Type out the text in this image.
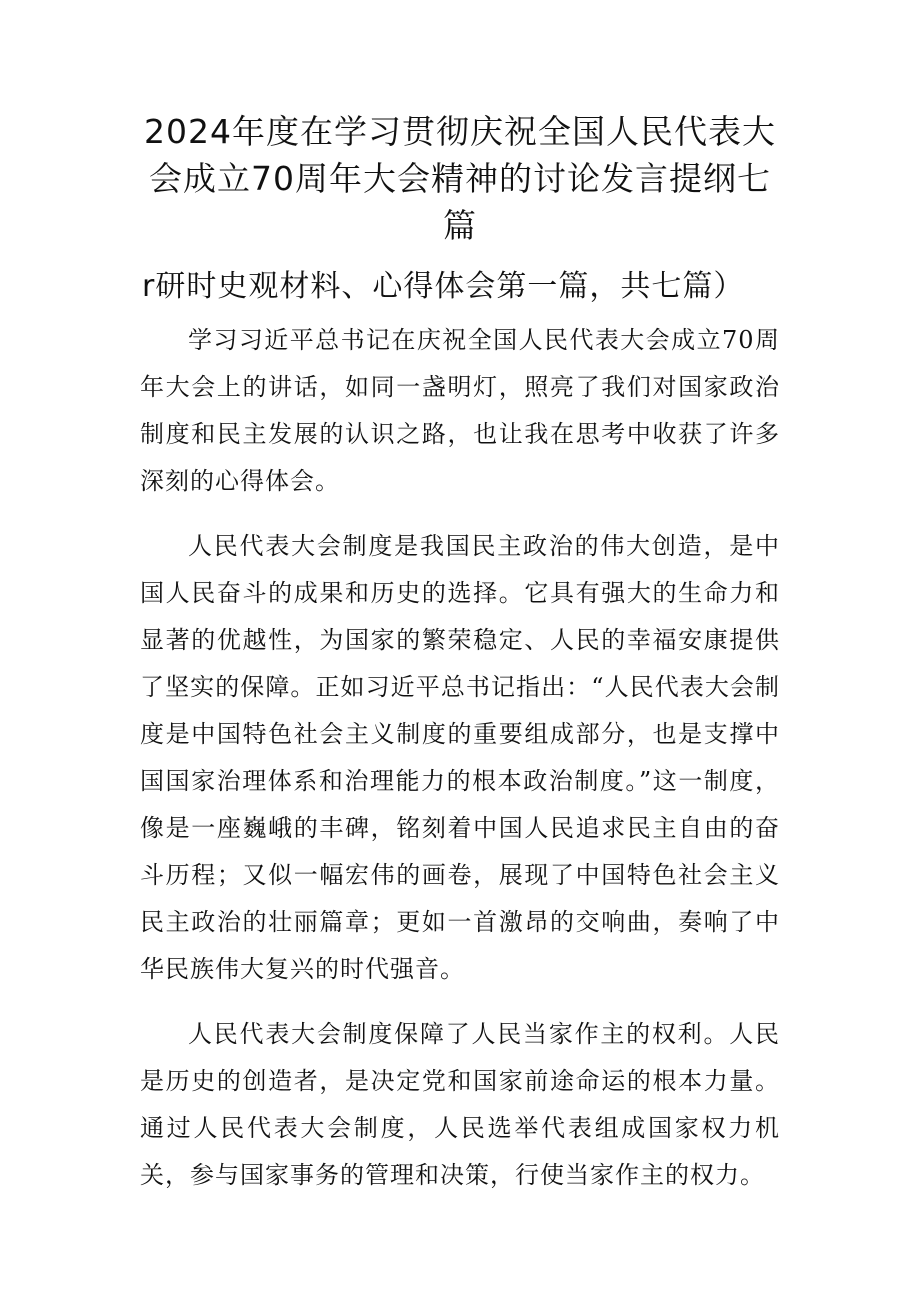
2024年度在学习贯彻庆祝全国人民代表大会成立70周年大会精神的讨论发言提纲七篇
r研时史观材料、心得体会第一篇，共七篇）

学习习近平总书记在庆祝全国人民代表大会成立70周年大会上的讲话，如同一盏明灯，照亮了我们对国家政治制度和民主发展的认识之路，也让我在思考中收获了许多深刻的心得体会。

人民代表大会制度是我国民主政治的伟大创造，是中国人民奋斗的成果和历史的选择。它具有强大的生命力和显著的优越性，为国家的繁荣稳定、人民的幸福安康提供了坚实的保障。正如习近平总书记指出：“人民代表大会制度是中国特色社会主义制度的重要组成部分，也是支撑中国国家治理体系和治理能力的根本政治制度。”这一制度，像是一座巍峨的丰碑，铭刻着中国人民追求民主自由的奋斗历程；又似一幅宏伟的画卷，展现了中国特色社会主义民主政治的壮丽篇章；更如一首激昂的交响曲，奏响了中华民族伟大复兴的时代强音。

人民代表大会制度保障了人民当家作主的权利。人民是历史的创造者，是决定党和国家前途命运的根本力量。通过人民代表大会制度，人民选举代表组成国家权力机关，参与国家事务的管理和决策，行使当家作主的权力。
